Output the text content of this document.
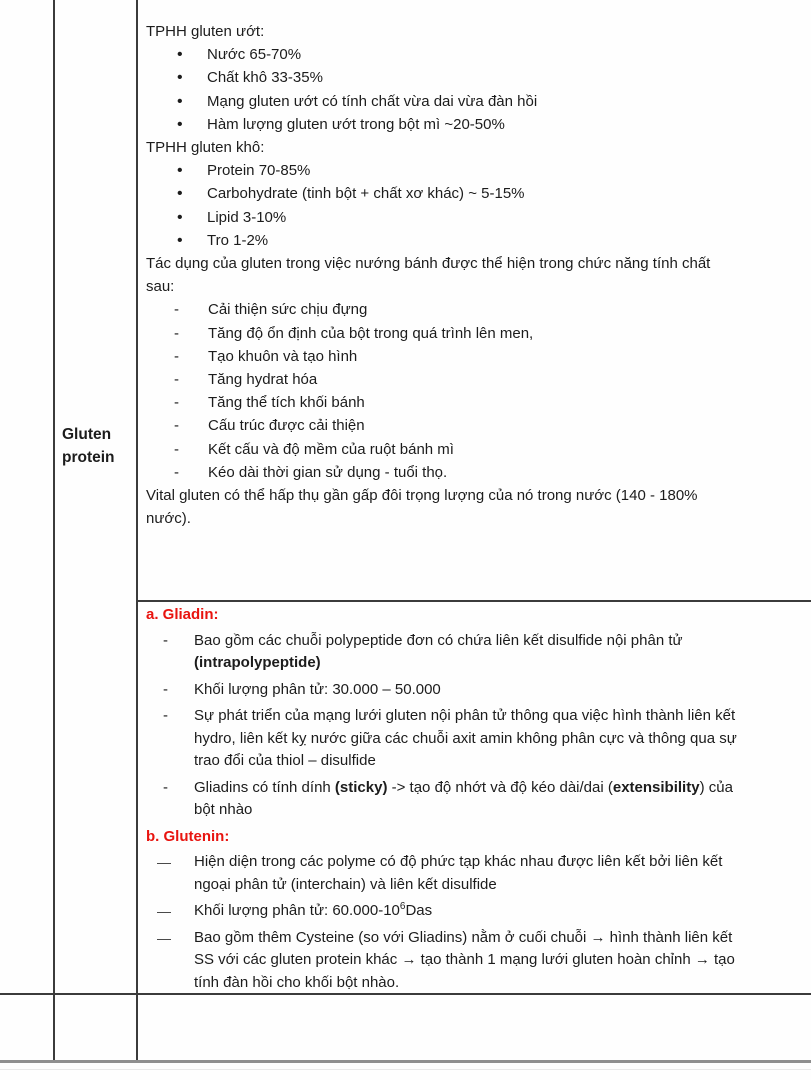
Gluten protein
TPHH gluten ướt:
• Nước 65-70%
• Chất khô 33-35%
• Mạng gluten ướt có tính chất vừa dai vừa đàn hồi
• Hàm lượng gluten ướt trong bột mì ~20-50%
TPHH gluten khô:
• Protein 70-85%
• Carbohydrate (tinh bột + chất xơ khác) ~ 5-15%
• Lipid 3-10%
• Tro 1-2%
Tác dụng của gluten trong việc nướng bánh được thể hiện trong chức năng tính chất
sau:
- Cải thiện sức chịu đựng
- Tăng độ ổn định của bột trong quá trình lên men,
- Tạo khuôn và tạo hình
- Tăng hydrat hóa
- Tăng thể tích khối bánh
- Cấu trúc được cải thiện
- Kết cấu và độ mềm của ruột bánh mì
- Kéo dài thời gian sử dụng - tuổi thọ.
Vital gluten có thể hấp thụ gần gấp đôi trọng lượng của nó trong nước (140 - 180%
nước).
a. Gliadin:
- Bao gồm các chuỗi polypeptide đơn có chứa liên kết disulfide nội phân tử
(intrapolypeptide)
- Khối lượng phân tử: 30.000 – 50.000
- Sự phát triển của mạng lưới gluten nội phân tử thông qua việc hình thành liên kết
hydro, liên kết kỵ nước giữa các chuỗi axit amin không phân cực và thông qua sự
trao đổi của thiol – disulfide
- Gliadins có tính dính (sticky) -> tạo độ nhớt và độ kéo dài/dai (extensibility) của
bột nhào
b. Glutenin:
— Hiện diện trong các polyme có độ phức tạp khác nhau được liên kết bởi liên kết
ngoại phân tử (interchain) và liên kết disulfide
— Khối lượng phân tử: $60.000-10^6Das$
— Bao gồm thêm Cysteine (so với Gliadins) nằm ở cuối chuỗi → hình thành liên kết
SS với các gluten protein khác → tạo thành 1 mạng lưới gluten hoàn chỉnh → tạo
tính đàn hồi cho khối bột nhào.
